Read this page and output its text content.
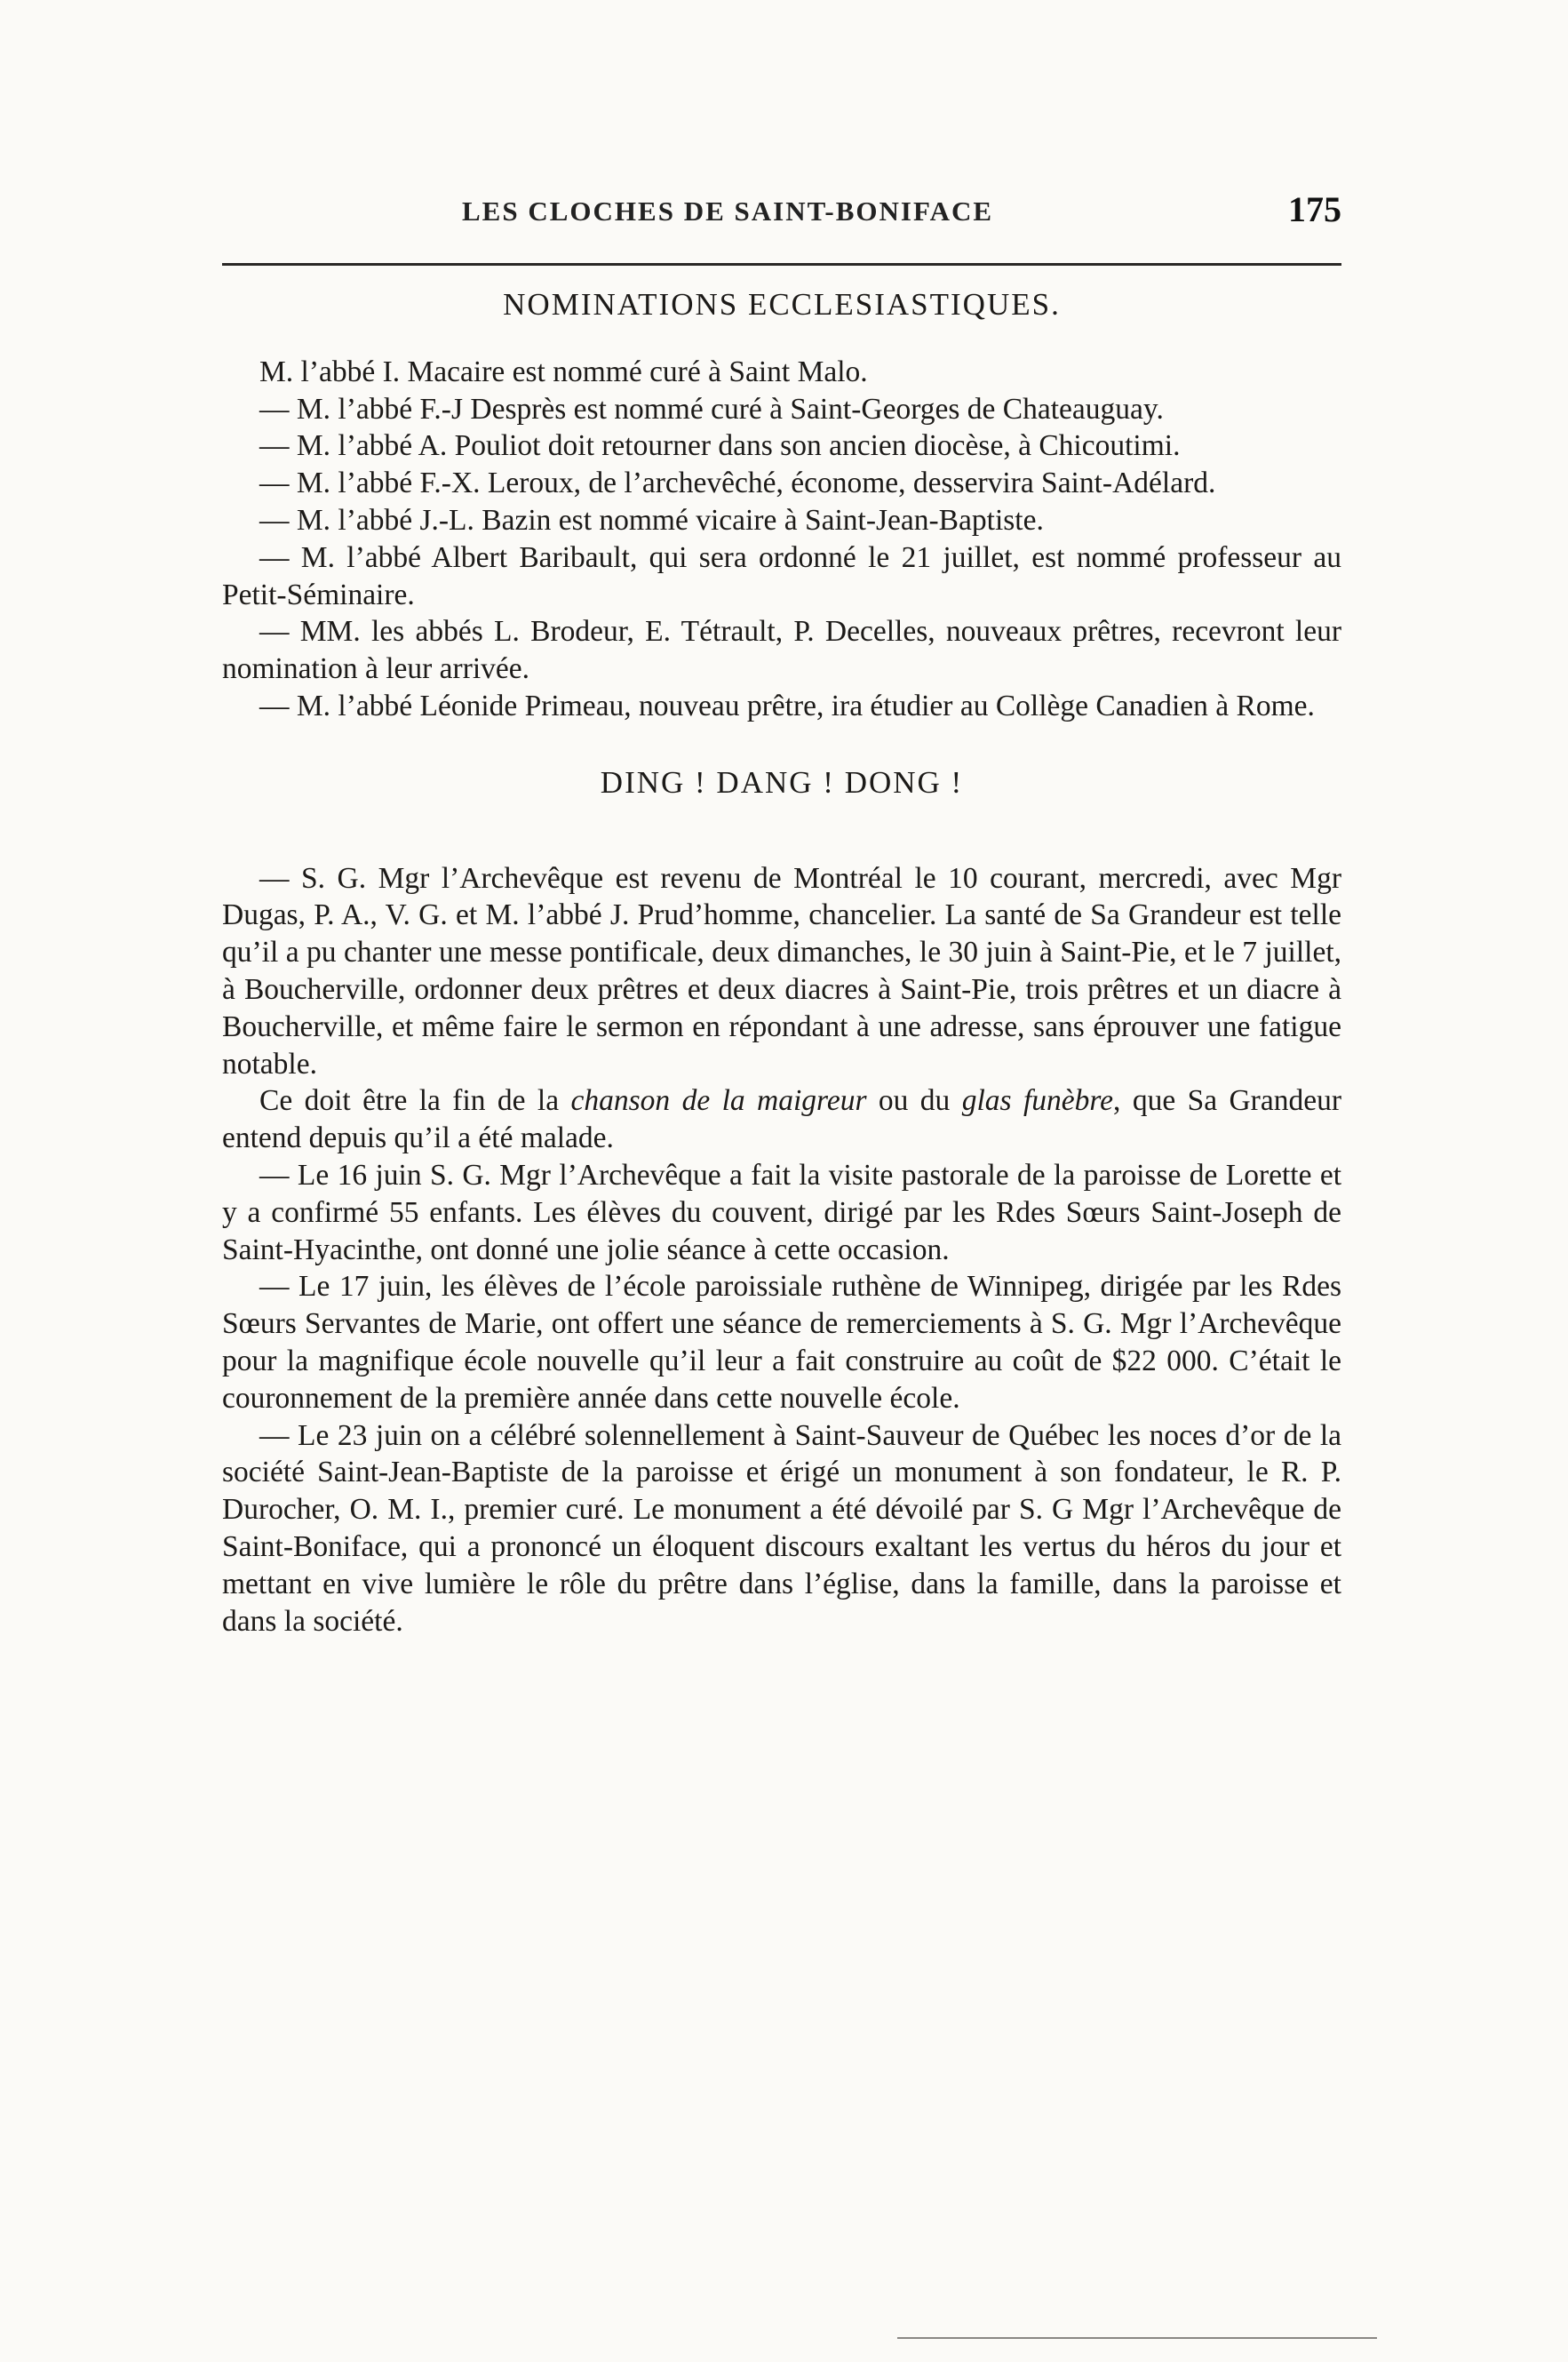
LES CLOCHES DE SAINT-BONIFACE	175
NOMINATIONS ECCLESIASTIQUES.

M. l’abbé I. Macaire est nommé curé à Saint Malo.

— M. l’abbé F.-J Desprès est nommé curé à Saint-Georges de Chateauguay.

— M. l’abbé A. Pouliot doit retourner dans son ancien diocèse, à Chicoutimi.

— M. l’abbé F.-X. Leroux, de l’archevêché, économe, desservira Saint-Adélard.

— M. l’abbé J.-L. Bazin est nommé vicaire à Saint-Jean-Baptiste.

— M. l’abbé Albert Baribault, qui sera ordonné le 21 juillet, est nommé professeur au Petit-Séminaire.

— MM. les abbés L. Brodeur, E. Tétrault, P. Decelles, nouveaux prêtres, recevront leur nomination à leur arrivée.

— M. l’abbé Léonide Primeau, nouveau prêtre, ira étudier au Collège Canadien à Rome.

DING ! DANG ! DONG !

— S. G. Mgr l’Archevêque est revenu de Montréal le 10 courant, mercredi, avec Mgr Dugas, P. A., V. G. et M. l’abbé J. Prud’homme, chancelier. La santé de Sa Grandeur est telle qu’il a pu chanter une messe pontificale, deux dimanches, le 30 juin à Saint-Pie, et le 7 juillet, à Boucherville, ordonner deux prêtres et deux diacres à Saint-Pie, trois prêtres et un diacre à Boucherville, et même faire le sermon en répondant à une adresse, sans éprouver une fatigue notable.

Ce doit être la fin de la chanson de la maigreur ou du glas funèbre, que Sa Grandeur entend depuis qu’il a été malade.

— Le 16 juin S. G. Mgr l’Archevêque a fait la visite pastorale de la paroisse de Lorette et y a confirmé 55 enfants. Les élèves du couvent, dirigé par les Rdes Sœurs Saint-Joseph de Saint-Hyacinthe, ont donné une jolie séance à cette occasion.

— Le 17 juin, les élèves de l’école paroissiale ruthène de Winnipeg, dirigée par les Rdes Sœurs Servantes de Marie, ont offert une séance de remerciements à S. G. Mgr l’Archevêque pour la magnifique école nouvelle qu’il leur a fait construire au coût de $22 000. C’était le couronnement de la première année dans cette nouvelle école.

— Le 23 juin on a célébré solennellement à Saint-Sauveur de Québec les noces d’or de la société Saint-Jean-Baptiste de la paroisse et érigé un monument à son fondateur, le R. P. Durocher, O. M. I., premier curé. Le monument a été dévoilé par S. G Mgr l’Archevêque de Saint-Boniface, qui a prononcé un éloquent discours exaltant les vertus du héros du jour et mettant en vive lumière le rôle du prêtre dans l’église, dans la famille, dans la paroisse et dans la société.
